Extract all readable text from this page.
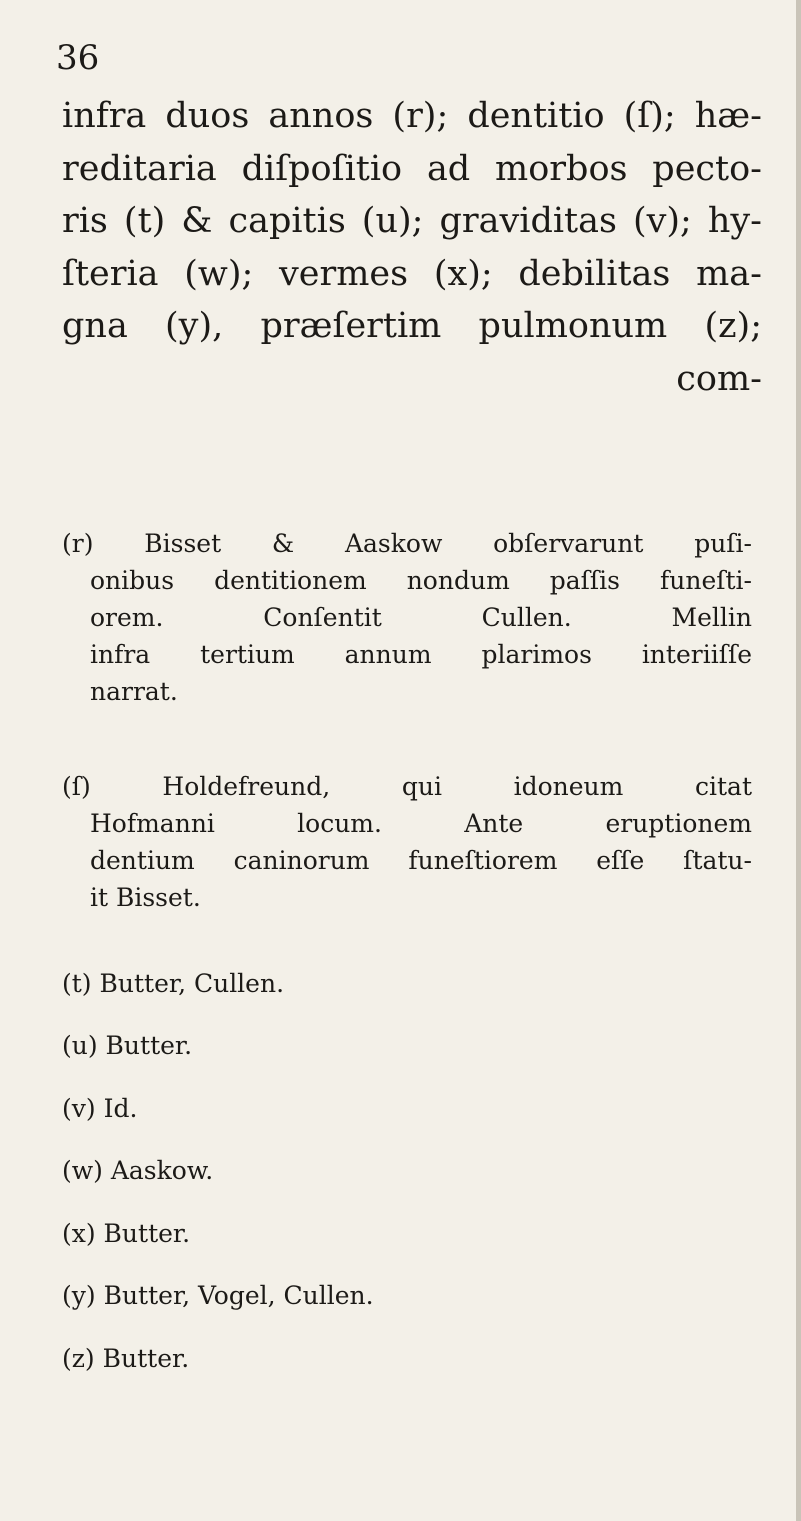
36
infra duos annos (r); dentitio (ſ); hæ-
reditaria diſpoſitio ad morbos pecto-
ris (t) & capitis (u); graviditas (v); hy-
ſteria (w); vermes (x); debilitas ma-
gna (y), præſertim pulmonum (z);
com-
(r) Bisset & Aaskow obſervarunt puſi-
onibus dentitionem nondum paſſis funeſti-
orem. Conſentit Cullen. Mellin
infra tertium annum plarimos interiiſſe
narrat.
(ſ) Holdefreund, qui idoneum citat
Hofmanni locum. Ante eruptionem
dentium caninorum funeſtiorem eſſe ſtatu-
it Bisset.
(t) Butter, Cullen.
(u) Butter.
(v) Id.
(w) Aaskow.
(x) Butter.
(y) Butter, Vogel, Cullen.
(z) Butter.
